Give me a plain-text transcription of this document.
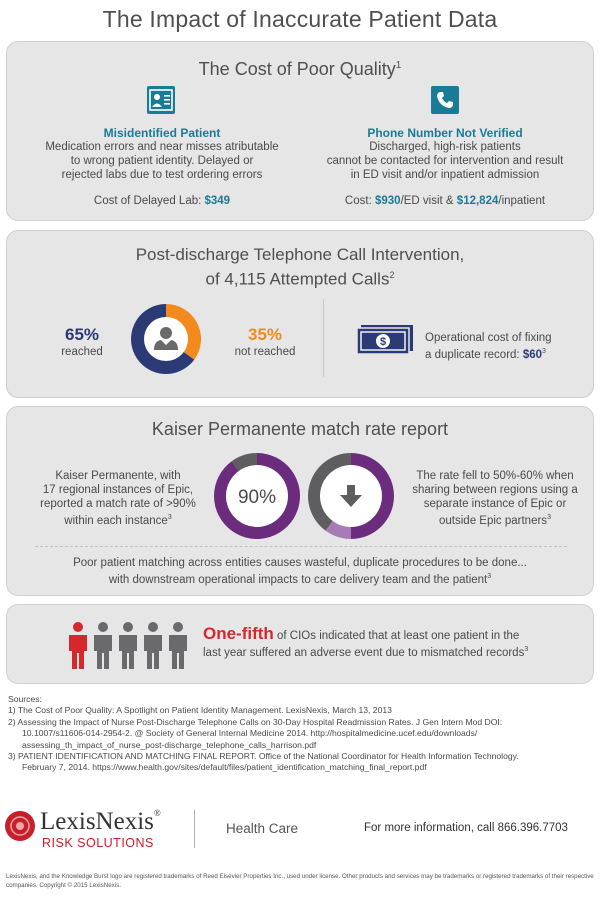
The Impact of Inaccurate Patient Data
The Cost of Poor Quality$^1$
Misidentified Patient
Medication errors and near misses atributable
to wrong patient identity. Delayed or
rejected labs due to test ordering errors
Cost of Delayed Lab: $349
Phone Number Not Verified
Discharged, high-risk patients
cannot be contacted for intervention and result
in ED visit and/or inpatient admission
Cost: $930/ED visit & $12,824/inpatient
Post-discharge Telephone Call Intervention,
of 4,115 Attempted Calls$^2$
65%
reached
35%
not reached
$	Operational cost of fixing
a duplicate record: $\$60^3$
Kaiser Permanente match rate report
Kaiser Permanente, with
17 regional instances of Epic,
reported a match rate of >90%
within each instance$^3$
90%
The rate fell to 50%-60% when
sharing between regions using a
separate instance of Epic or
outside Epic partners$^3$
Poor patient matching across entities causes wasteful, duplicate procedures to be done...
with downstream operational impacts to care delivery team and the patient$^3$
One-fifth of CIOs indicated that at least one patient in the
last year suffered an adverse event due to mismatched records$^3$
Sources:
1) The Cost of Poor Quality: A Spotlight on Patient Identity Management. LexisNexis, March 13, 2013
2) Assessing the Impact of Nurse Post-Discharge Telephone Calls on 30-Day Hospital Readmission Rates. J Gen Intern Mod DOI:
10.1007/s11606-014-2954-2. @ Society of General Internal Medicine 2014. http://hospitalmedicine.ucef.edu/downloads/
assessing_th_impact_of_nurse_post-discharge_telephone_calls_harrison.pdf
3) PATIENT IDENTIFICATION AND MATCHING FINAL REPORT. Office of the National Coordinator for Health Information Technology.
February 7, 2014. https://www.health.gov/sites/default/files/patient_identification_matching_final_report.pdf
LexisNexis®
RISK SOLUTIONS
Health Care	For more information, call 866.396.7703
LexisNexis, and the Knowledge Burst logo are registered trademarks of Reed Elsevier Properties Inc., used under license. Other products and services may be trademarks or registered trademarks of their respective companies. Copyright © 2015 LexisNexis.
